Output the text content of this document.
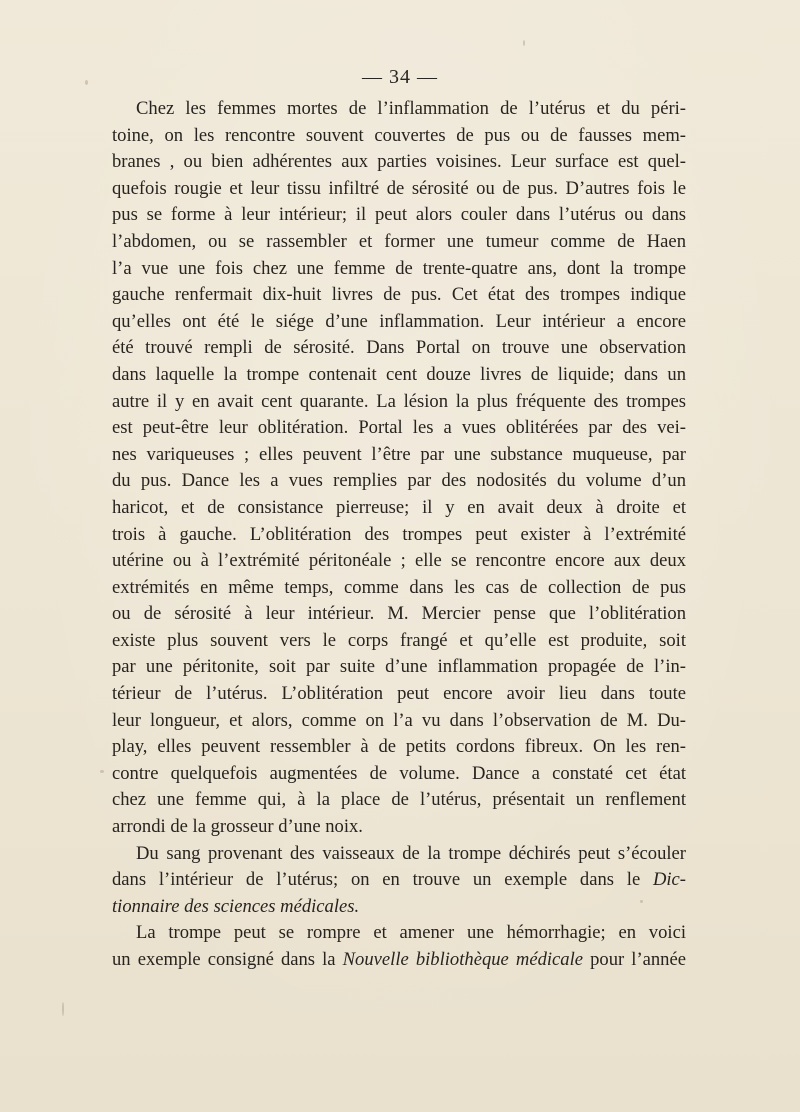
— 34 —

Chez les femmes mortes de l’inflammation de l’utérus et du péri-
toine, on les rencontre souvent couvertes de pus ou de fausses mem-
branes , ou bien adhérentes aux parties voisines. Leur surface est quel-
quefois rougie et leur tissu infiltré de sérosité ou de pus. D’autres fois le
pus se forme à leur intérieur; il peut alors couler dans l’utérus ou dans
l’abdomen, ou se rassembler et former une tumeur comme de Haen
l’a vue une fois chez une femme de trente-quatre ans, dont la trompe
gauche renfermait dix-huit livres de pus. Cet état des trompes indique
qu’elles ont été le siége d’une inflammation. Leur intérieur a encore
été trouvé rempli de sérosité. Dans Portal on trouve une observation
dans laquelle la trompe contenait cent douze livres de liquide; dans un
autre il y en avait cent quarante. La lésion la plus fréquente des trompes
est peut-être leur oblitération. Portal les a vues oblitérées par des vei-
nes variqueuses ; elles peuvent l’être par une substance muqueuse, par
du pus. Dance les a vues remplies par des nodosités du volume d’un
haricot, et de consistance pierreuse; il y en avait deux à droite et
trois à gauche. L’oblitération des trompes peut exister à l’extrémité
utérine ou à l’extrémité péritonéale ; elle se rencontre encore aux deux
extrémités en même temps, comme dans les cas de collection de pus
ou de sérosité à leur intérieur. M. Mercier pense que l’oblitération
existe plus souvent vers le corps frangé et qu’elle est produite, soit
par une péritonite, soit par suite d’une inflammation propagée de l’in-
térieur de l’utérus. L’oblitération peut encore avoir lieu dans toute
leur longueur, et alors, comme on l’a vu dans l’observation de M. Du-
play, elles peuvent ressembler à de petits cordons fibreux. On les ren-
contre quelquefois augmentées de volume. Dance a constaté cet état
chez une femme qui, à la place de l’utérus, présentait un renflement
arrondi de la grosseur d’une noix.

Du sang provenant des vaisseaux de la trompe déchirés peut s’écouler
dans l’intérieur de l’utérus; on en trouve un exemple dans le Dic-
tionnaire des sciences médicales.

La trompe peut se rompre et amener une hémorrhagie; en voici
un exemple consigné dans la Nouvelle bibliothèque médicale pour l’année
